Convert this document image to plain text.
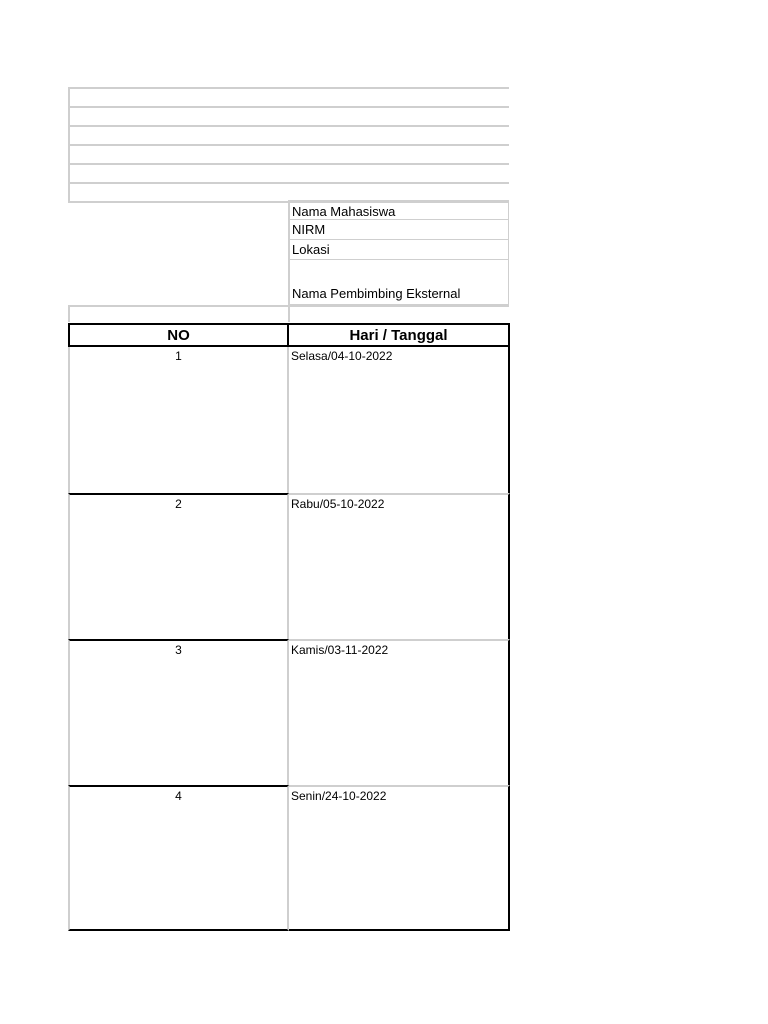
Nama Mahasiswa
NIRM
Lokasi
Nama Pembimbing Eksternal
NO	Hari / Tanggal
1	Selasa/04-10-2022
2	Rabu/05-10-2022
3	Kamis/03-11-2022
4	Senin/24-10-2022
